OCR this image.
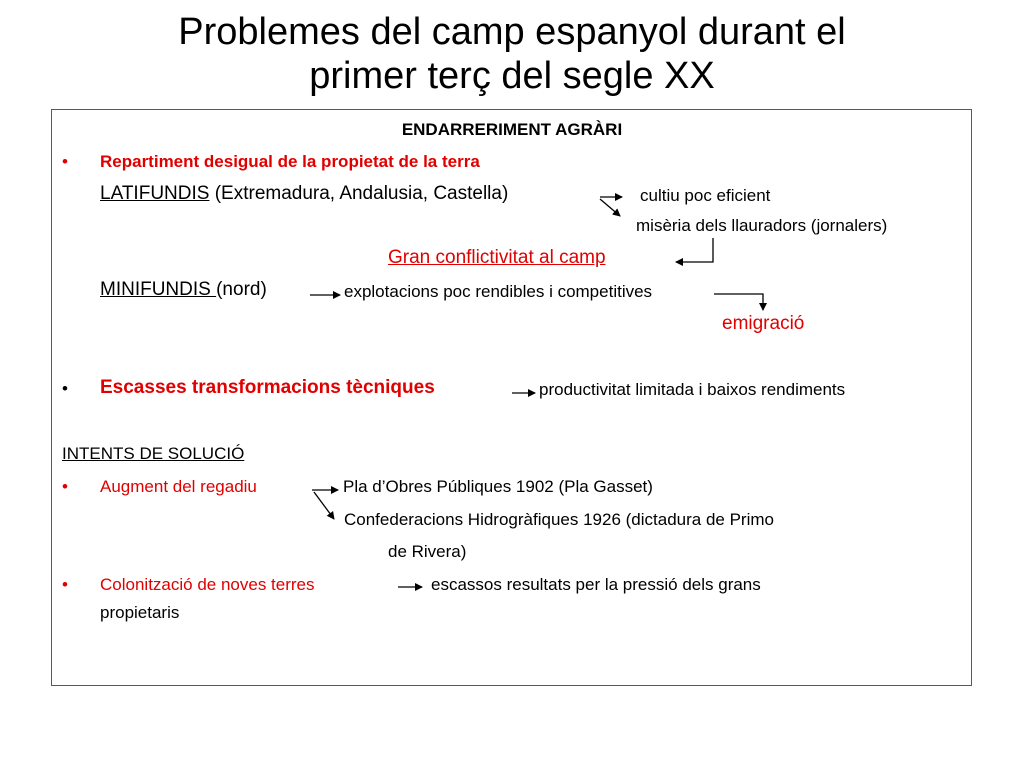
Problemes del camp espanyol durant el
primer terç del segle XX
ENDARRERIMENT AGRÀRI
• Repartiment desigual de la propietat de la terra
LATIFUNDIS (Extremadura, Andalusia, Castella)	cultiu poc eficient
misèria dels llauradors (jornalers)
Gran conflictivitat al camp
MINIFUNDIS (nord)	explotacions poc rendibles i competitives
emigració
• Escasses transformacions tècniques	productivitat limitada i baixos rendiments
INTENTS DE SOLUCIÓ
• Augment del regadiu	Pla d’Obres Públiques 1902 (Pla Gasset)
Confederacions Hidrogràfiques 1926 (dictadura de Primo
de Rivera)
• Colonització de noves terres	escassos resultats per la pressió dels grans
propietaris
